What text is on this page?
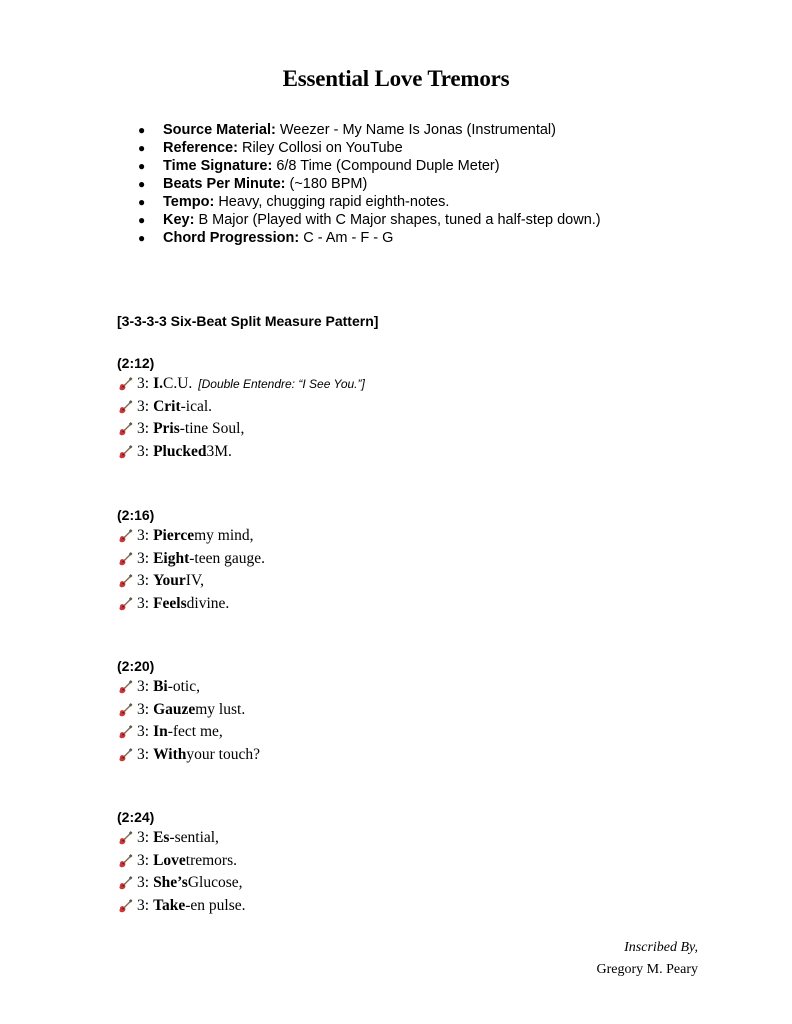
Essential Love Tremors
● Source Material: Weezer - My Name Is Jonas (Instrumental)
● Reference: Riley Collosi on YouTube
● Time Signature: 6/8 Time (Compound Duple Meter)
● Beats Per Minute: (~180 BPM)
● Tempo: Heavy, chugging rapid eighth-notes.
● Key: B Major (Played with C Major shapes, tuned a half-step down.)
● Chord Progression: C - Am - F - G
[3-3-3-3 Six-Beat Split Measure Pattern]
(2:12)
3: I. C.U. [Double Entendre: “I See You.”]
3: Crit -ical.
3: Pris -tine Soul,
3: Plucked 3M.
(2:16)
3: Pierce my mind,
3: Eight -teen gauge.
3: Your IV,
3: Feels divine.
(2:20)
3: Bi -otic,
3: Gauze my lust.
3: In -fect me,
3: With your touch?
(2:24)
3: Es -sential,
3: Love tremors.
3: She’s Glucose,
3: Take -en pulse.
Inscribed By,
Gregory M. Peary
